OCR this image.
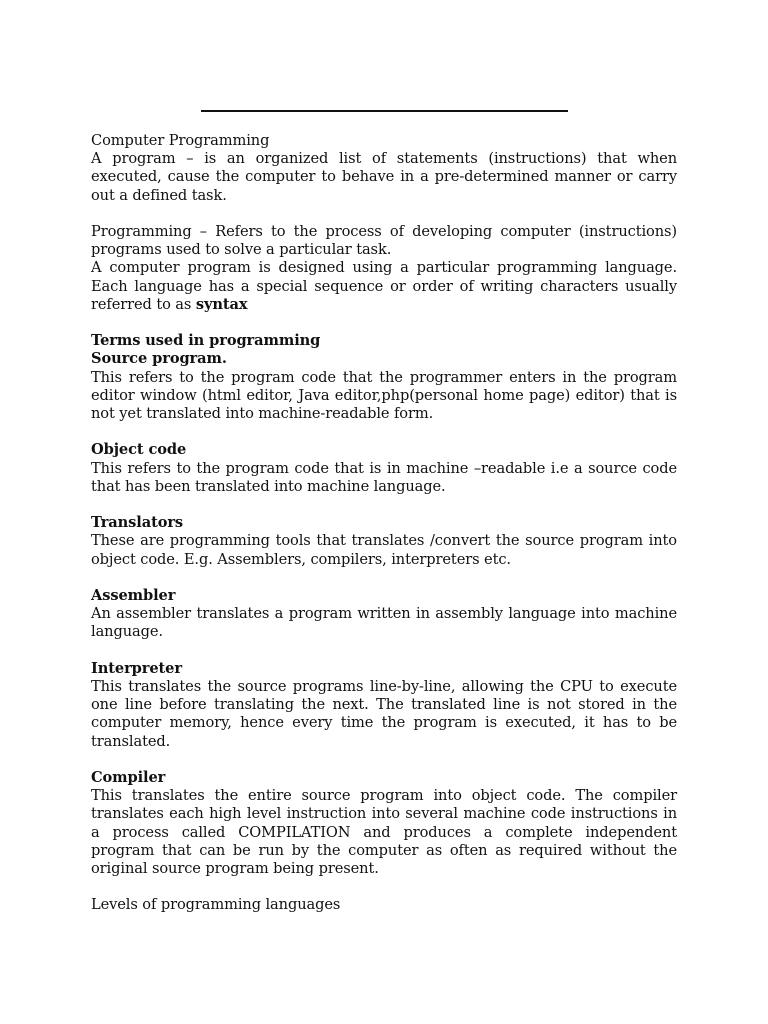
Computer Programming

A program – is an organized list of statements (instructions) that when executed, cause the computer to behave in a pre-determined manner or carry out a defined task.

Programming – Refers to the process of developing computer (instructions) programs used to solve a particular task.

A computer program is designed using a particular programming language. Each language has a special sequence or order of writing characters usually referred to as syntax

Terms used in programming

Source program.

This refers to the program code that the programmer enters in the program editor window (html editor, Java editor,php(personal home page) editor) that is not yet translated into machine-readable form.

Object code

This refers to the program code that is in machine –readable i.e a source code that has been translated into machine language.

Translators

These are programming tools that translates /convert the source program into object code. E.g. Assemblers, compilers, interpreters etc.

Assembler

An assembler translates a program written in assembly language into machine language.

Interpreter

This translates the source programs line-by-line, allowing the CPU to execute one line before translating the next. The translated line is not stored in the computer memory, hence every time the program is executed, it has to be translated.

Compiler

This translates the entire source program into object code. The compiler translates each high level instruction into several machine code instructions in a process called COMPILATION and produces a complete independent program that can be run by the computer as often as required without the original source program being present.

Levels of programming languages
